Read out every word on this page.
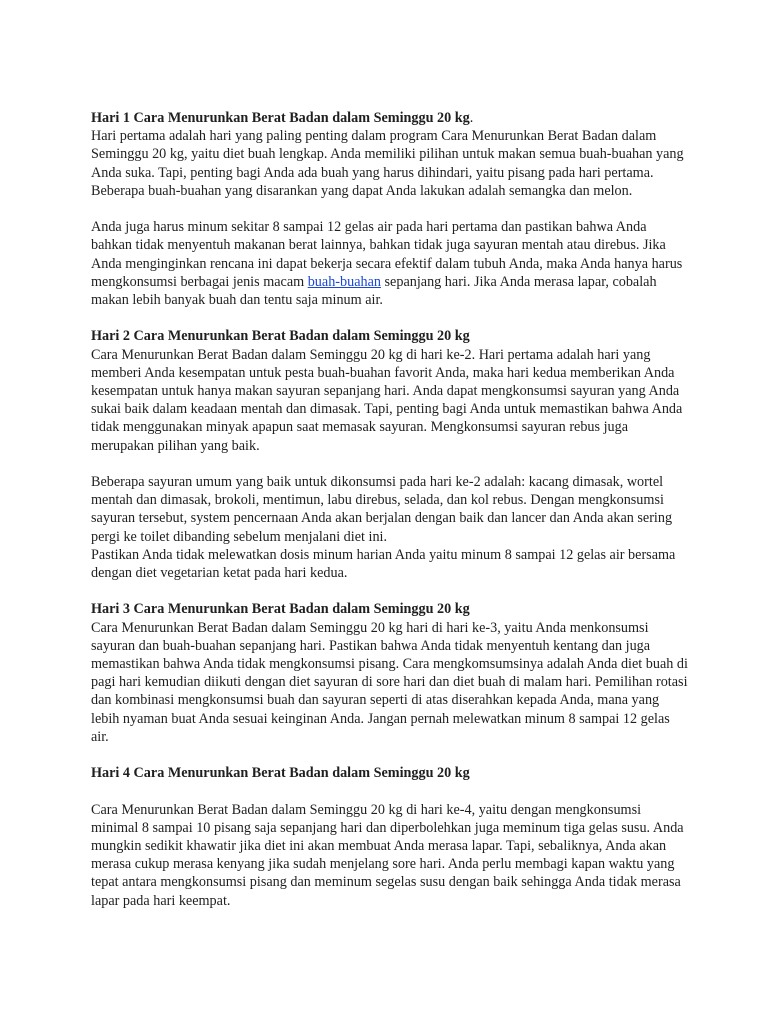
Hari 1 Cara Menurunkan Berat Badan dalam Seminggu 20 kg.

Hari pertama adalah hari yang paling penting dalam program Cara Menurunkan Berat Badan dalam Seminggu 20 kg, yaitu diet buah lengkap. Anda memiliki pilihan untuk makan semua buah-buahan yang Anda suka. Tapi, penting bagi Anda ada buah yang harus dihindari, yaitu pisang pada hari pertama. Beberapa buah-buahan yang disarankan yang dapat Anda lakukan adalah semangka dan melon.

Anda juga harus minum sekitar 8 sampai 12 gelas air pada hari pertama dan pastikan bahwa Anda bahkan tidak menyentuh makanan berat lainnya, bahkan tidak juga sayuran mentah atau direbus. Jika Anda menginginkan rencana ini dapat bekerja secara efektif dalam tubuh Anda, maka Anda hanya harus mengkonsumsi berbagai jenis macam buah-buahan sepanjang hari. Jika Anda merasa lapar, cobalah makan lebih banyak buah dan tentu saja minum air.

Hari 2 Cara Menurunkan Berat Badan dalam Seminggu 20 kg

Cara Menurunkan Berat Badan dalam Seminggu 20 kg di hari ke-2. Hari pertama adalah hari yang memberi Anda kesempatan untuk pesta buah-buahan favorit Anda, maka hari kedua memberikan Anda kesempatan untuk hanya makan sayuran sepanjang hari. Anda dapat mengkonsumsi sayuran yang Anda sukai baik dalam keadaan mentah dan dimasak. Tapi, penting bagi Anda untuk memastikan bahwa Anda tidak menggunakan minyak apapun saat memasak sayuran. Mengkonsumsi sayuran rebus juga merupakan pilihan yang baik.

Beberapa sayuran umum yang baik untuk dikonsumsi pada hari ke-2 adalah: kacang dimasak, wortel mentah dan dimasak, brokoli, mentimun, labu direbus, selada, dan kol rebus. Dengan mengkonsumsi sayuran tersebut, system pencernaan Anda akan berjalan dengan baik dan lancer dan Anda akan sering pergi ke toilet dibanding sebelum menjalani diet ini.

Pastikan Anda tidak melewatkan dosis minum harian Anda yaitu minum 8 sampai 12 gelas air bersama dengan diet vegetarian ketat pada hari kedua.

Hari 3 Cara Menurunkan Berat Badan dalam Seminggu 20 kg

Cara Menurunkan Berat Badan dalam Seminggu 20 kg hari di hari ke-3, yaitu Anda menkonsumsi sayuran dan buah-buahan sepanjang hari. Pastikan bahwa Anda tidak menyentuh kentang dan juga memastikan bahwa Anda tidak mengkonsumsi pisang. Cara mengkomsumsinya adalah Anda diet buah di pagi hari kemudian diikuti dengan diet sayuran di sore hari dan diet buah di malam hari. Pemilihan rotasi dan kombinasi mengkonsumsi buah dan sayuran seperti di atas diserahkan kepada Anda, mana yang lebih nyaman buat Anda sesuai keinginan Anda. Jangan pernah melewatkan minum 8 sampai 12 gelas air.

Hari 4 Cara Menurunkan Berat Badan dalam Seminggu 20 kg

Cara Menurunkan Berat Badan dalam Seminggu 20 kg di hari ke-4, yaitu dengan mengkonsumsi minimal 8 sampai 10 pisang saja sepanjang hari dan diperbolehkan juga meminum tiga gelas susu. Anda mungkin sedikit khawatir jika diet ini akan membuat Anda merasa lapar. Tapi, sebaliknya, Anda akan merasa cukup merasa kenyang jika sudah menjelang sore hari. Anda perlu membagi kapan waktu yang tepat antara mengkonsumsi pisang dan meminum segelas susu dengan baik sehingga Anda tidak merasa lapar pada hari keempat.
